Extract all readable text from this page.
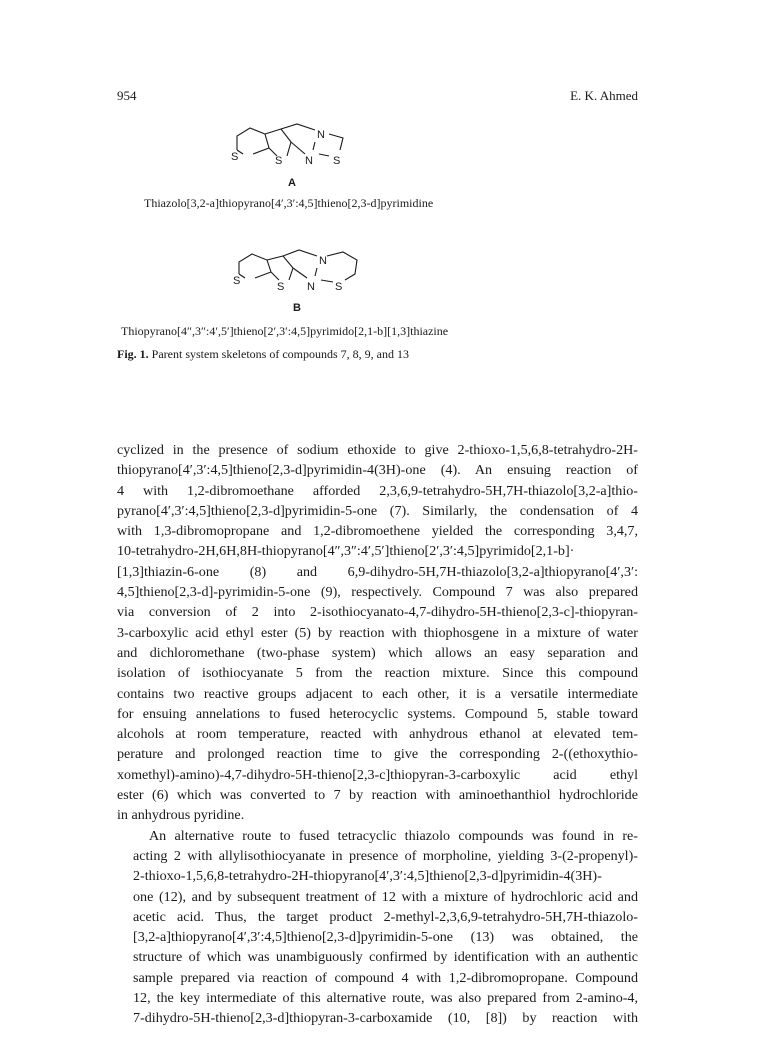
954	E. K. Ahmed
N
S	S N S
A
Thiazolo[3,2-a]thiopyrano[4′,3′:4,5]thieno[2,3-d]pyrimidine
N
S	S N S
B
Thiopyrano[4″,3″:4′,5′]thieno[2′,3′:4,5]pyrimido[2,1-b][1,3]thiazine
Fig. 1. Parent system skeletons of compounds 7, 8, 9, and 13

cyclized in the presence of sodium ethoxide to give 2-thioxo-1,5,6,8-tetrahydro-2H-
thiopyrano[4′,3′:4,5]thieno[2,3-d]pyrimidin-4(3H)-one (4). An ensuing reaction of
4 with 1,2-dibromoethane afforded 2,3,6,9-tetrahydro-5H,7H-thiazolo[3,2-a]thio-
pyrano[4′,3′:4,5]thieno[2,3-d]pyrimidin-5-one (7). Similarly, the condensation of 4
with 1,3-dibromopropane and 1,2-dibromoethene yielded the corresponding 3,4,7,
10-tetrahydro-2H,6H,8H-thiopyrano[4″,3″:4′,5′]thieno[2′,3′:4,5]pyrimido[2,1-b]·
[1,3]thiazin-6-one (8) and 6,9-dihydro-5H,7H-thiazolo[3,2-a]thiopyrano[4′,3′:
4,5]thieno[2,3-d]-pyrimidin-5-one (9), respectively. Compound 7 was also prepared
via conversion of 2 into 2-isothiocyanato-4,7-dihydro-5H-thieno[2,3-c]-thiopyran-
3-carboxylic acid ethyl ester (5) by reaction with thiophosgene in a mixture of water
and dichloromethane (two-phase system) which allows an easy separation and
isolation of isothiocyanate 5 from the reaction mixture. Since this compound
contains two reactive groups adjacent to each other, it is a versatile intermediate
for ensuing annelations to fused heterocyclic systems. Compound 5, stable toward
alcohols at room temperature, reacted with anhydrous ethanol at elevated tem-
perature and prolonged reaction time to give the corresponding 2-((ethoxythio-
xomethyl)-amino)-4,7-dihydro-5H-thieno[2,3-c]thiopyran-3-carboxylic acid ethyl
ester (6) which was converted to 7 by reaction with aminoethanthiol hydrochloride
in anhydrous pyridine.

An alternative route to fused tetracyclic thiazolo compounds was found in re-
acting 2 with allylisothiocyanate in presence of morpholine, yielding 3-(2-propenyl)-
2-thioxo-1,5,6,8-tetrahydro-2H-thiopyrano[4′,3′:4,5]thieno[2,3-d]pyrimidin-4(3H)-
one (12), and by subsequent treatment of 12 with a mixture of hydrochloric acid and
acetic acid. Thus, the target product 2-methyl-2,3,6,9-tetrahydro-5H,7H-thiazolo-
[3,2-a]thiopyrano[4′,3′:4,5]thieno[2,3-d]pyrimidin-5-one (13) was obtained, the
structure of which was unambiguously confirmed by identification with an authentic
sample prepared via reaction of compound 4 with 1,2-dibromopropane. Compound
12, the key intermediate of this alternative route, was also prepared from 2-amino-4,
7-dihydro-5H-thieno[2,3-d]thiopyran-3-carboxamide (10, [8]) by reaction with
